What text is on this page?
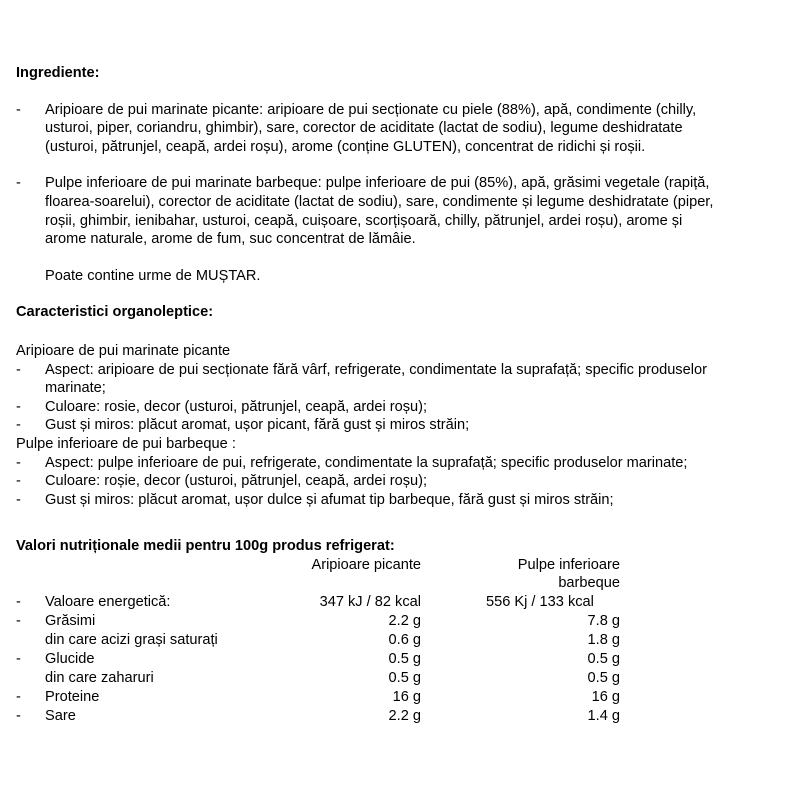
Ingrediente:
- Aripioare de pui marinate picante: aripioare de pui secționate cu piele (88%), apă, condimente (chilly,

usturoi, piper, coriandru, ghimbir), sare, corector de aciditate (lactat de sodiu), legume deshidratate

(usturoi, pătrunjel, ceapă, ardei roșu), arome (conține GLUTEN), concentrat de ridichi și roșii.

- Pulpe inferioare de pui marinate barbeque: pulpe inferioare de pui (85%), apă, grăsimi vegetale (rapiță,

floarea-soarelui), corector de aciditate (lactat de sodiu), sare, condimente și legume deshidratate (piper,

roșii, ghimbir, ienibahar, usturoi, ceapă, cuișoare, scorțișoară, chilly, pătrunjel, ardei roșu), arome și

arome naturale, arome de fum, suc concentrat de lămâie.

Poate contine urme de MUȘTAR.

Caracteristici organoleptice:

Aripioare de pui marinate picante

- Aspect: aripioare de pui secționate fără vârf, refrigerate, condimentate la suprafață; specific produselor

marinate;

- Culoare: rosie, decor (usturoi, pătrunjel, ceapă, ardei roșu);

- Gust și miros: plăcut aromat, ușor picant, fără gust și miros străin;

Pulpe inferioare de pui barbeque :

- Aspect: pulpe inferioare de pui, refrigerate, condimentate la suprafață; specific produselor marinate;

- Culoare: roșie, decor (usturoi, pătrunjel, ceapă, ardei roșu);

- Gust și miros: plăcut aromat, ușor dulce și afumat tip barbeque, fără gust și miros străin;

Valori nutriționale medii pentru 100g produs refrigerat:
		Aripioare picante		Pulpe inferioare barbeque
-	Valoare energetică:	347 kJ / 82 kcal		556 Kj / 133 kcal
-	Grăsimi	2.2 g		7.8 g
	din care acizi grași saturați	0.6 g		1.8 g
-	Glucide	0.5 g		0.5 g
	din care zaharuri	0.5 g		0.5 g
-	Proteine	16 g		16 g
-	Sare	2.2 g		1.4 g
